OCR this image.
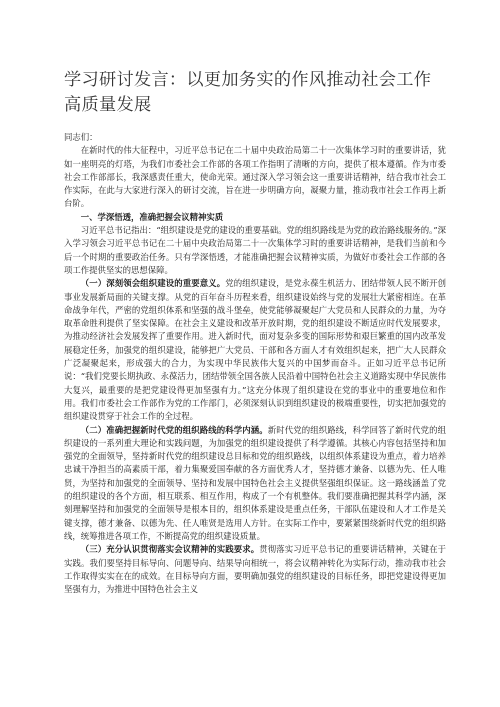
学习研讨发言：以更加务实的作风推动社会工作高质量发展

同志们：

在新时代的伟大征程中，习近平总书记在二十届中央政治局第二十一次集体学习时的重要讲话，犹如一座明亮的灯塔，为我们市委社会工作部的各项工作指明了清晰的方向，提供了根本遵循。作为市委社会工作部部长，我深感责任重大，使命光荣。通过深入学习领会这一重要讲话精神，结合我市社会工作实际，在此与大家进行深入的研讨交流，旨在进一步明确方向，凝聚力量，推动我市社会工作再上新台阶。

一、学深悟透，准确把握会议精神实质

习近平总书记指出：“组织建设是党的建设的重要基础。党的组织路线是为党的政治路线服务的。”深入学习领会习近平总书记在二十届中央政治局第二十一次集体学习时的重要讲话精神，是我们当前和今后一个时期的重要政治任务。只有学深悟透，才能准确把握会议精神实质，为做好市委社会工作部的各项工作提供坚实的思想保障。

（一）深刻领会组织建设的重要意义。党的组织建设，是党永葆生机活力、团结带领人民不断开创事业发展新局面的关键支撑。从党的百年奋斗历程来看，组织建设始终与党的发展壮大紧密相连。在革命战争年代，严密的党组织体系和坚强的战斗堡垒，使党能够凝聚起广大党员和人民群众的力量，为夺取革命胜利提供了坚实保障。在社会主义建设和改革开放时期，党的组织建设不断适应时代发展要求，为推动经济社会发展发挥了重要作用。进入新时代，面对复杂多变的国际形势和艰巨繁重的国内改革发展稳定任务，加强党的组织建设，能够把广大党员、干部和各方面人才有效组织起来，把广大人民群众广泛凝聚起来，形成强大的合力，为实现中华民族伟大复兴的中国梦而奋斗。正如习近平总书记所说：“我们党要长期执政、永葆活力，团结带领全国各族人民沿着中国特色社会主义道路实现中华民族伟大复兴，最重要的是把党建设得更加坚强有力。”这充分体现了组织建设在党的事业中的重要地位和作用。我们市委社会工作部作为党的工作部门，必须深刻认识到组织建设的极端重要性，切实把加强党的组织建设贯穿于社会工作的全过程。

（二）准确把握新时代党的组织路线的科学内涵。新时代党的组织路线，科学回答了新时代党的组织建设的一系列重大理论和实践问题，为加强党的组织建设提供了科学遵循。其核心内容包括坚持和加强党的全面领导，坚持新时代党的组织建设总目标和党的组织路线，以组织体系建设为重点，着力培养忠诚干净担当的高素质干部，着力集聚爱国奉献的各方面优秀人才，坚持德才兼备、以德为先、任人唯贤，为坚持和加强党的全面领导、坚持和发展中国特色社会主义提供坚强组织保证。这一路线涵盖了党的组织建设的各个方面，相互联系、相互作用，构成了一个有机整体。我们要准确把握其科学内涵，深刻理解坚持和加强党的全面领导是根本目的，组织体系建设是重点任务，干部队伍建设和人才工作是关键支撑，德才兼备、以德为先、任人唯贤是选用人方针。在实际工作中，要紧紧围绕新时代党的组织路线，统筹推进各项工作，不断提高党的组织建设质量。

（三）充分认识贯彻落实会议精神的实践要求。贯彻落实习近平总书记的重要讲话精神，关键在于实践。我们要坚持目标导向、问题导向、结果导向相统一，将会议精神转化为实际行动，推动我市社会工作取得实实在在的成效。在目标导向方面，要明确加强党的组织建设的目标任务，即把党建设得更加坚强有力，为推进中国特色社会主义
